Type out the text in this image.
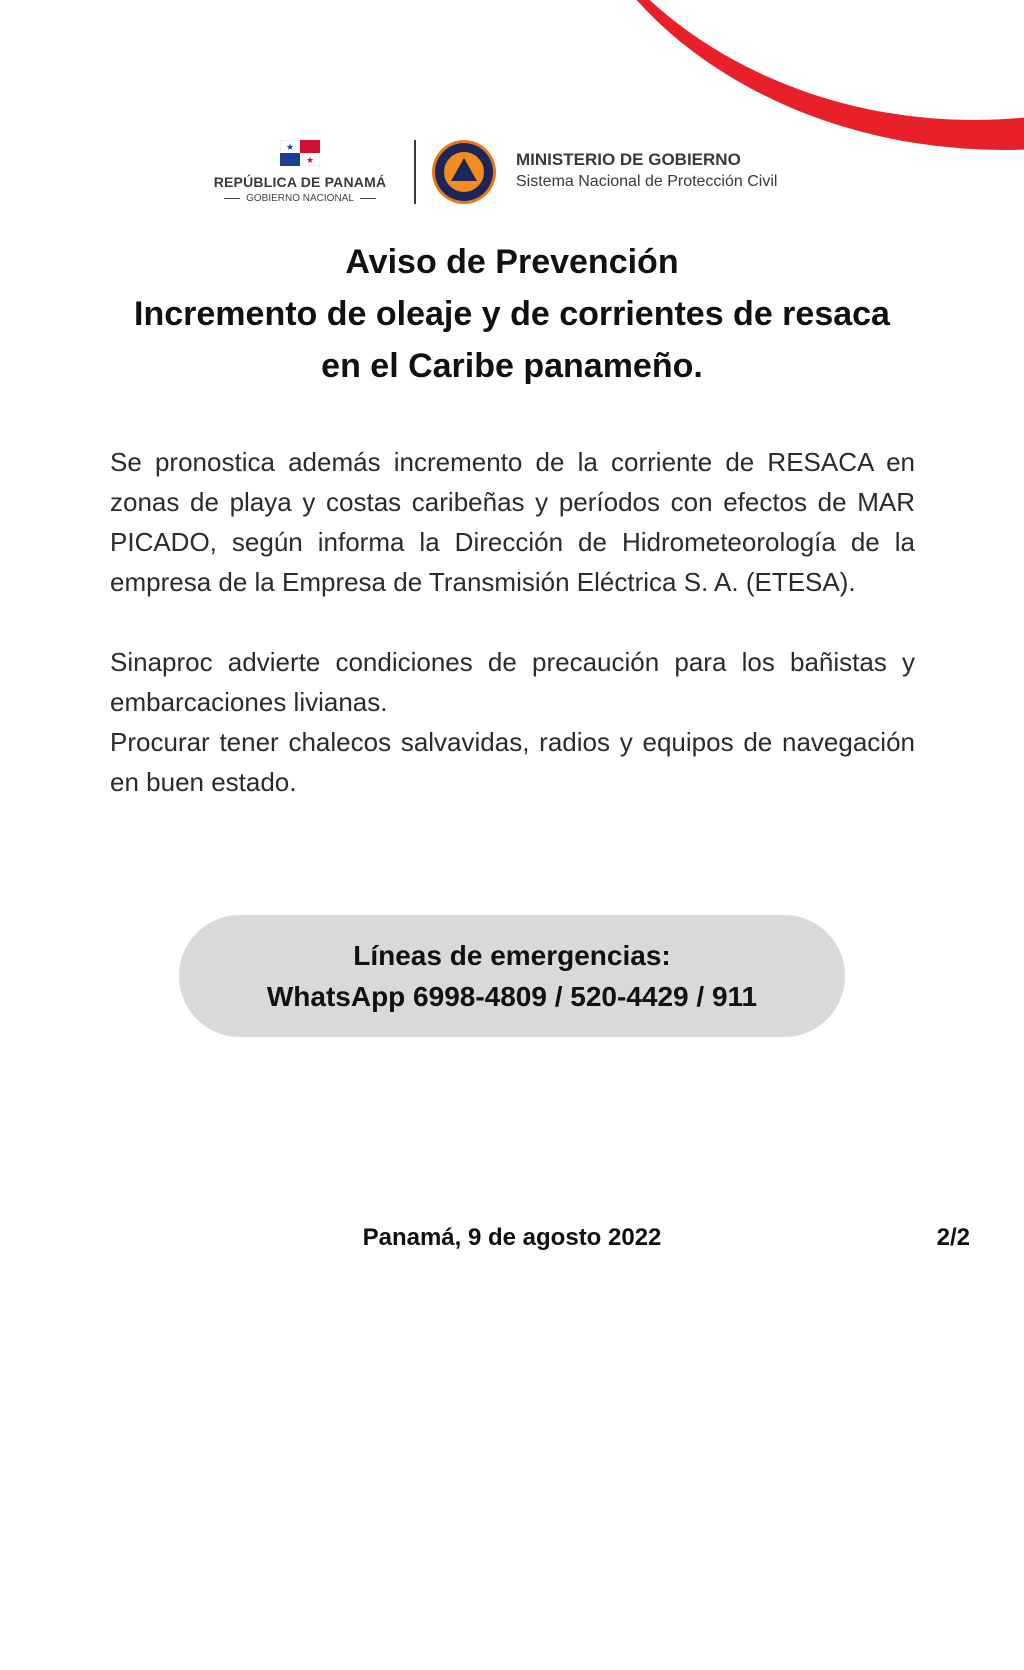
★
★
REPÚBLICA DE PANAMÁ
GOBIERNO NACIONAL
MINISTERIO DE GOBIERNO
Sistema Nacional de Protección Civil
Aviso de Prevención
Incremento de oleaje y de corrientes de resaca
en el Caribe panameño.

Se pronostica además incremento de la corriente de RESACA en zonas de playa y costas caribeñas y períodos con efectos de MAR PICADO, según informa la Dirección de Hidrometeorología de la empresa de la Empresa de Transmisión Eléctrica S. A. (ETESA).

Sinaproc advierte condiciones de precaución para los bañistas y embarcaciones livianas.

Procurar tener chalecos salvavidas, radios y equipos de navegación en buen estado.

Líneas de emergencias:
WhatsApp 6998-4809 / 520-4429 / 911
Panamá, 9 de agosto 2022	2/2
